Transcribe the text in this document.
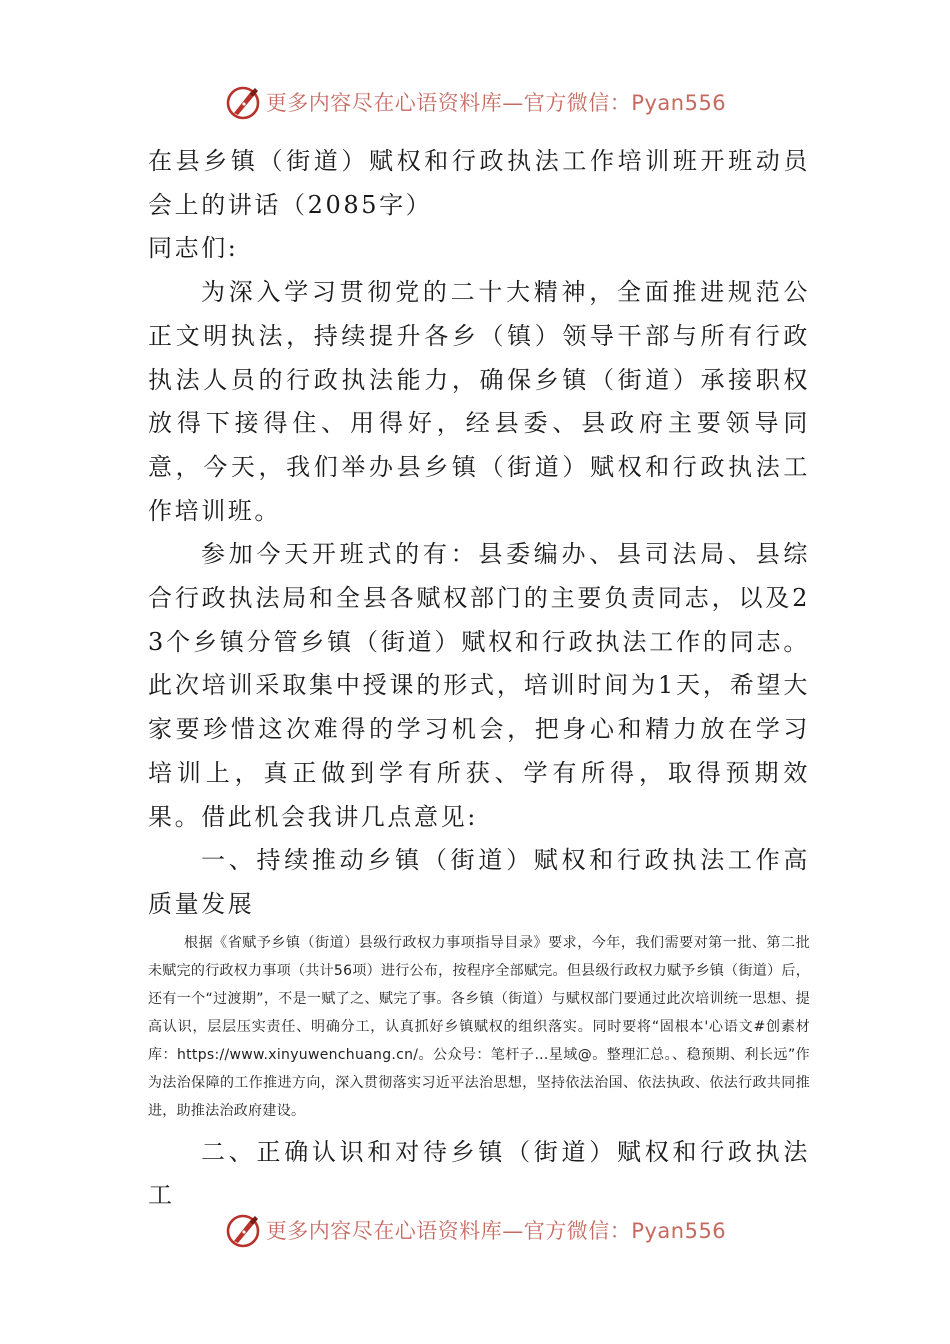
更多内容尽在心语资料库—官方微信：Pyan556

在县乡镇（街道）赋权和行政执法工作培训班开班动员会上的讲话（2085字）

同志们:

为深入学习贯彻党的二十大精神，全面推进规范公正文明执法，持续提升各乡（镇）领导干部与所有行政执法人员的行政执法能力，确保乡镇（街道）承接职权放得下接得住、用得好，经县委、县政府主要领导同意，今天，我们举办县乡镇（街道）赋权和行政执法工作培训班。

参加今天开班式的有：县委编办、县司法局、县综合行政执法局和全县各赋权部门的主要负责同志，以及23个乡镇分管乡镇（街道）赋权和行政执法工作的同志。此次培训采取集中授课的形式，培训时间为1天，希望大家要珍惜这次难得的学习机会，把身心和精力放在学习培训上，真正做到学有所获、学有所得，取得预期效果。借此机会我讲几点意见:

一、持续推动乡镇（街道）赋权和行政执法工作高质量发展

根据《省赋予乡镇（街道）县级行政权力事项指导目录》要求，今年，我们需要对第一批、第二批未赋完的行政权力事项（共计56项）进行公布，按程序全部赋完。但县级行政权力赋予乡镇（街道）后，还有一个“过渡期”，不是一赋了之、赋完了事。各乡镇（街道）与赋权部门要通过此次培训统一思想、提高认识，层层压实责任、明确分工，认真抓好乡镇赋权的组织落实。同时要将“固根本'心语文#创素材库：https://www.xinyuwenchuang.cn/。公众号：笔杆子…星域@。整理汇总。、稳预期、利长远”作为法治保障的工作推进方向，深入贯彻落实习近平法治思想，坚持依法治国、依法执政、依法行政共同推进，助推法治政府建设。

二、正确认识和对待乡镇（街道）赋权和行政执法工

更多内容尽在心语资料库—官方微信：Pyan556
